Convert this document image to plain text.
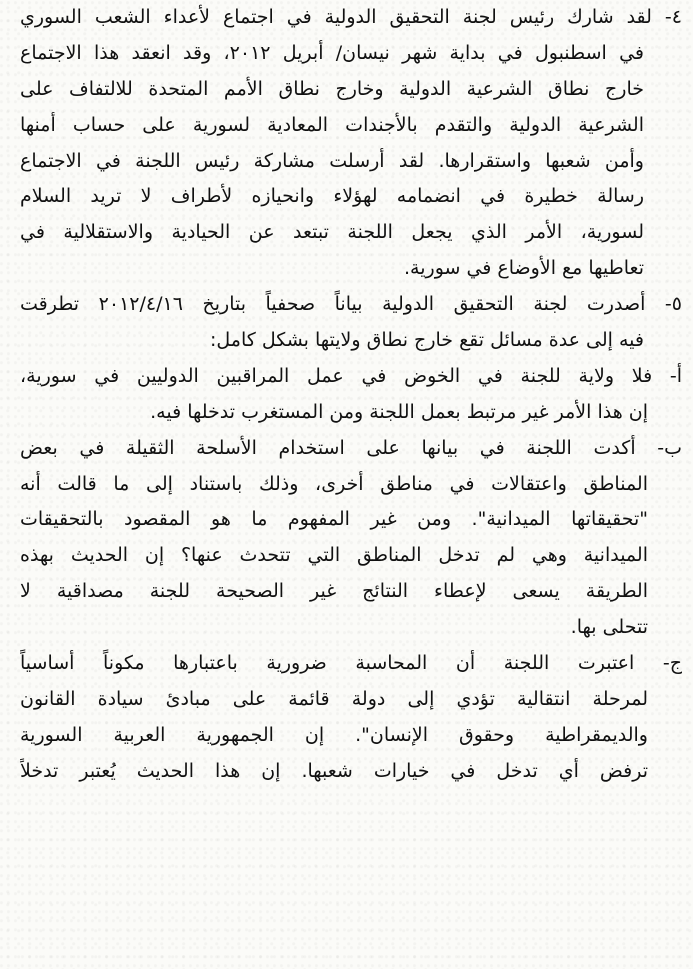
٤- لقد شارك رئيس لجنة التحقيق الدولية في اجتماع لأعداء الشعب السوري
في اسطنبول في بداية شهر نيسان/ أبريل ٢٠١٢، وقد انعقد هذا الاجتماع
خارج نطاق الشرعية الدولية وخارج نطاق الأمم المتحدة للالتفاف على
الشرعية الدولية والتقدم بالأجندات المعادية لسورية على حساب أمنها
وأمن شعبها واستقرارها. لقد أرسلت مشاركة رئيس اللجنة في الاجتماع
رسالة خطيرة في انضمامه لهؤلاء وانحيازه لأطراف لا تريد السلام
لسورية، الأمر الذي يجعل اللجنة تبتعد عن الحيادية والاستقلالية في
تعاطيها مع الأوضاع في سورية.
٥- أصدرت لجنة التحقيق الدولية بياناً صحفياً بتاريخ ٢٠١٢/٤/١٦ تطرقت
فيه إلى عدة مسائل تقع خارج نطاق ولايتها بشكل كامل:
أ- فلا ولاية للجنة في الخوض في عمل المراقبين الدوليين في سورية،
إن هذا الأمر غير مرتبط بعمل اللجنة ومن المستغرب تدخلها فيه.
ب- أكدت اللجنة في بيانها على استخدام الأسلحة الثقيلة في بعض
المناطق واعتقالات في مناطق أخرى، وذلك باستناد إلى ما قالت أنه
"تحقيقاتها الميدانية". ومن غير المفهوم ما هو المقصود بالتحقيقات
الميدانية وهي لم تدخل المناطق التي تتحدث عنها؟ إن الحديث بهذه
الطريقة يسعى لإعطاء النتائج غير الصحيحة للجنة مصداقية لا
تتحلى بها.
ج- اعتبرت اللجنة أن المحاسبة ضرورية باعتبارها مكوناً أساسياً
لمرحلة انتقالية تؤدي إلى دولة قائمة على مبادئ سيادة القانون
والديمقراطية وحقوق الإنسان". إن الجمهورية العربية السورية
ترفض أي تدخل في خيارات شعبها. إن هذا الحديث يُعتبر تدخلاً
